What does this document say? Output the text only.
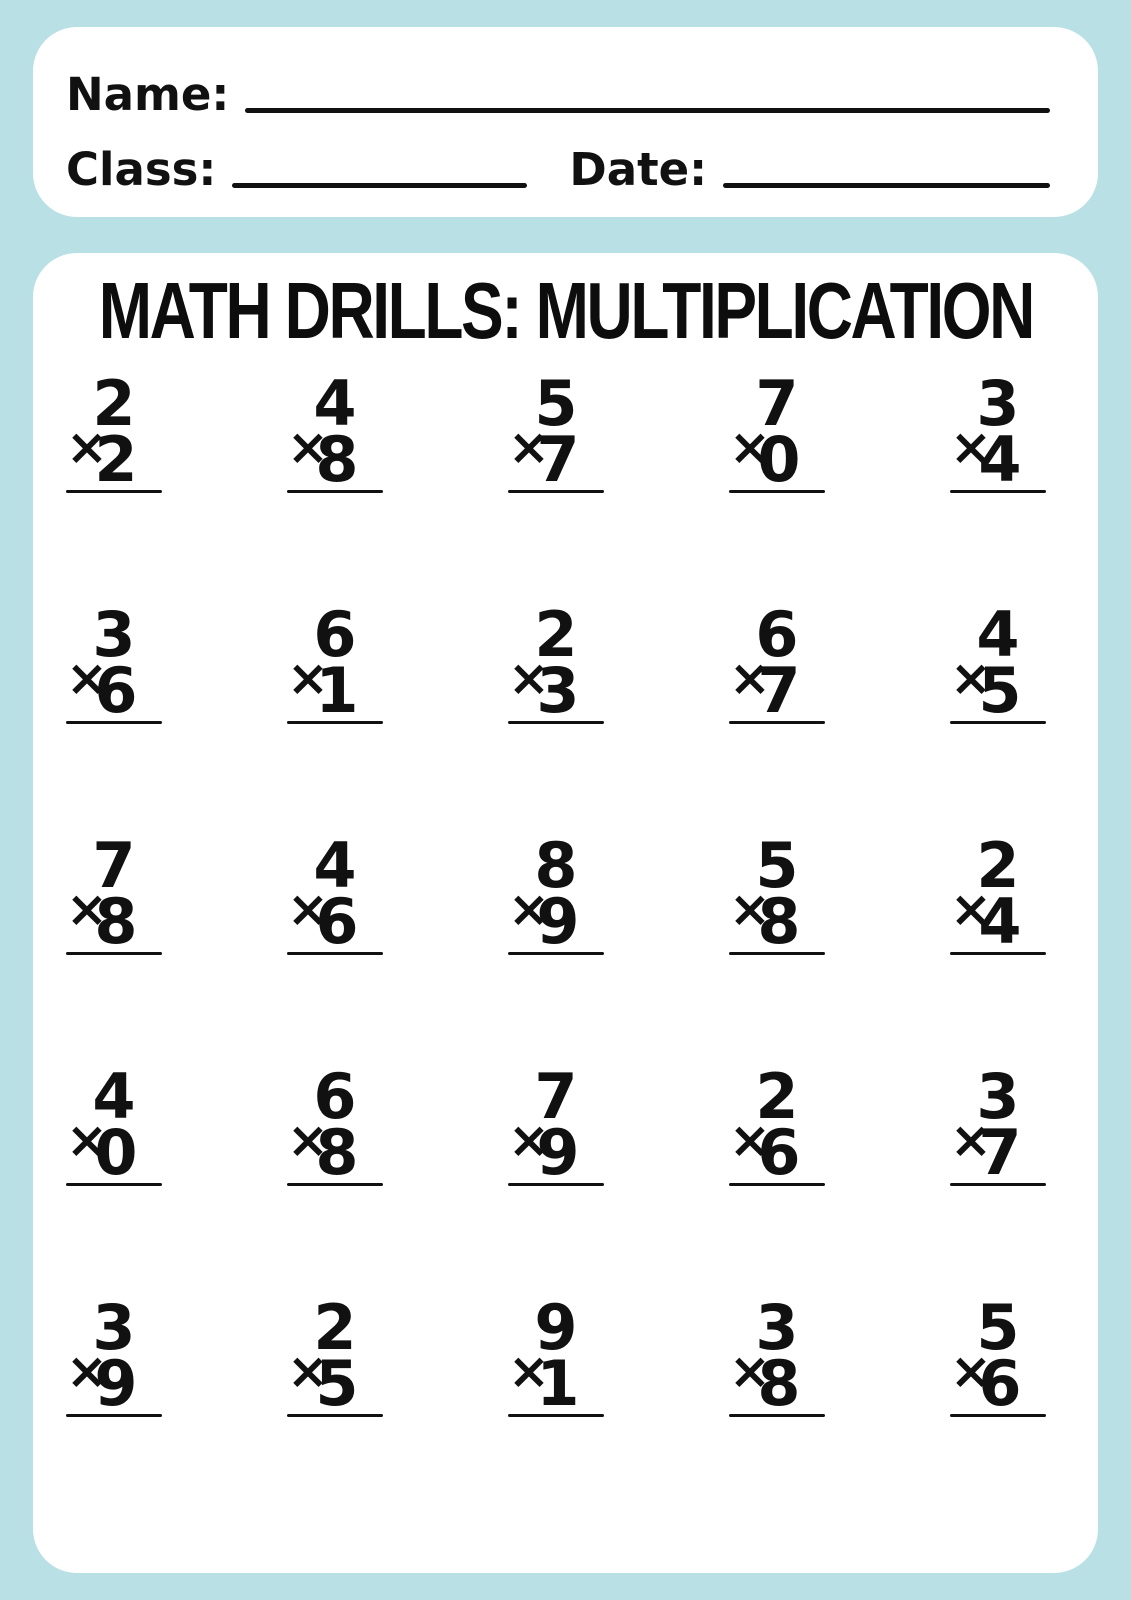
Name:
Class:	Date:
MATH DRILLS: MULTIPLICATION
2
×
2
4
×
8
5
×
7
7
×
0
3
×
4
3
×
6
6
×
1
2
×
3
6
×
7
4
×
5
7
×
8
4
×
6
8
×
9
5
×
8
2
×
4
4
×
0
6
×
8
7
×
9
2
×
6
3
×
7
3
×
9
2
×
5
9
×
1
3
×
8
5
×
6
